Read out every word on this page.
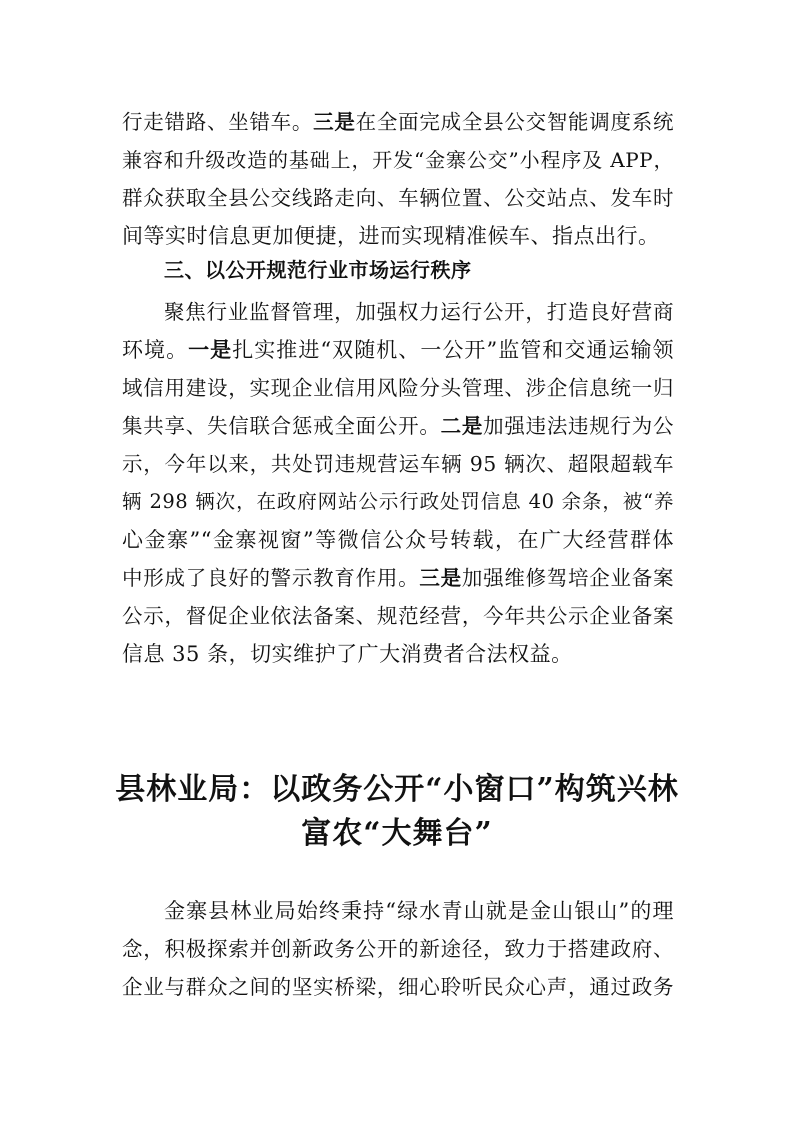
行走错路、坐错车。三是在全面完成全县公交智能调度系统
兼容和升级改造的基础上，开发“金寨公交”小程序及 APP，
群众获取全县公交线路走向、车辆位置、公交站点、发车时
间等实时信息更加便捷，进而实现精准候车、指点出行。
三、以公开规范行业市场运行秩序
聚焦行业监督管理，加强权力运行公开，打造良好营商
环境。一是扎实推进“双随机、一公开”监管和交通运输领
域信用建设，实现企业信用风险分头管理、涉企信息统一归
集共享、失信联合惩戒全面公开。二是加强违法违规行为公
示，今年以来，共处罚违规营运车辆 95 辆次、超限超载车
辆 298 辆次，在政府网站公示行政处罚信息 40 余条，被“养
心金寨”“金寨视窗”等微信公众号转载，在广大经营群体
中形成了良好的警示教育作用。三是加强维修驾培企业备案
公示，督促企业依法备案、规范经营，今年共公示企业备案
信息 35 条，切实维护了广大消费者合法权益。
县林业局：以政务公开“小窗口”构筑兴林
富农“大舞台”
金寨县林业局始终秉持“绿水青山就是金山银山”的理
念，积极探索并创新政务公开的新途径，致力于搭建政府、
企业与群众之间的坚实桥梁，细心聆听民众心声，通过政务
